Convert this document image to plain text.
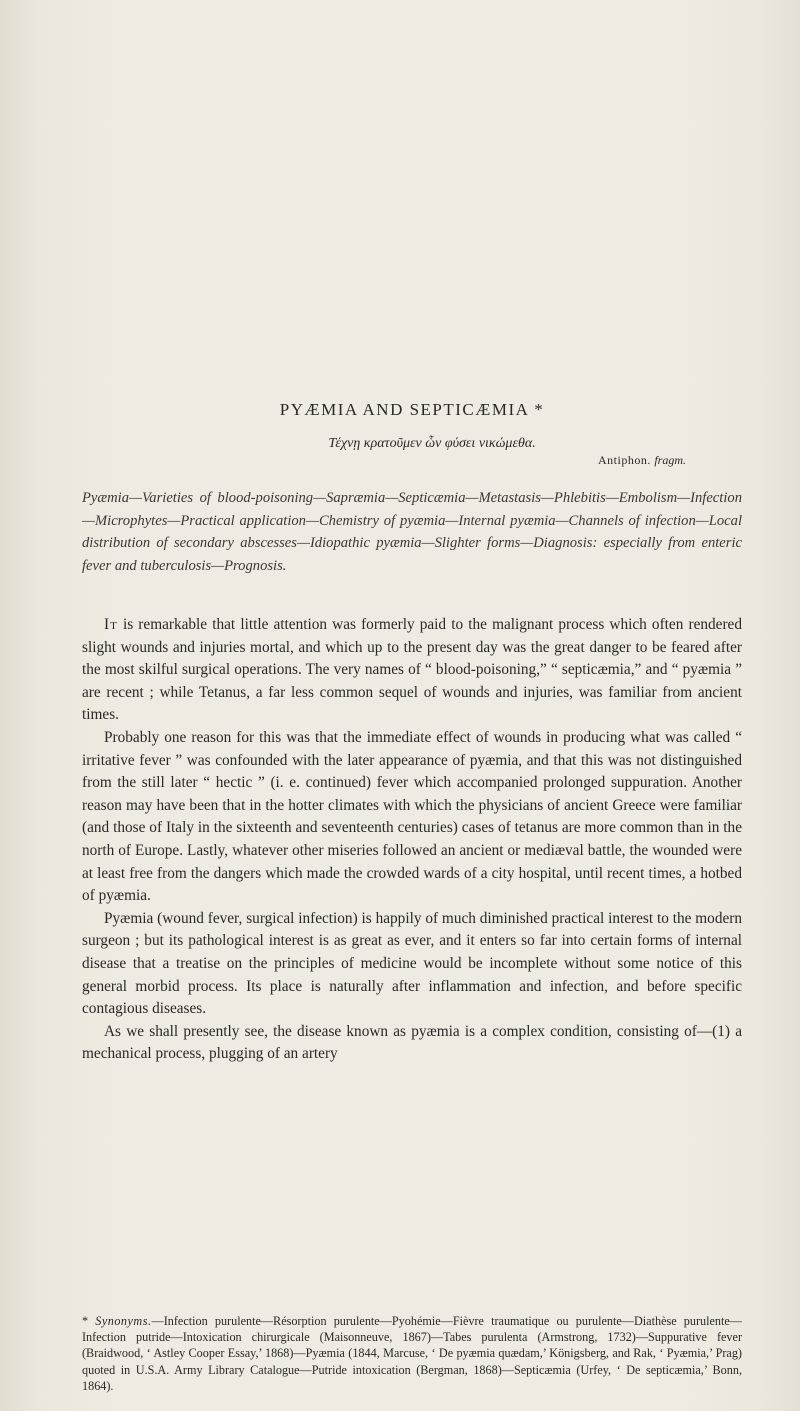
PYÆMIA AND SEPTICÆMIA *
Τέχνῃ κρατοῦμεν ὧν φύσει νικώμεθα.
Antiphon. fragm.

Pyæmia—Varieties of blood-poisoning—Sapræmia—Septicæmia—Metastasis—Phlebitis—Embolism—Infection—Microphytes—Practical application—Chemistry of pyæmia—Internal pyæmia—Channels of infection—Local distribution of secondary abscesses—Idiopathic pyæmia—Slighter forms—Diagnosis: especially from enteric fever and tuberculosis—Prognosis.

It is remarkable that little attention was formerly paid to the malignant process which often rendered slight wounds and injuries mortal, and which up to the present day was the great danger to be feared after the most skilful surgical operations. The very names of “ blood-poisoning,” “ septicæmia,” and “ pyæmia ” are recent ; while Tetanus, a far less common sequel of wounds and injuries, was familiar from ancient times.

Probably one reason for this was that the immediate effect of wounds in producing what was called “ irritative fever ” was confounded with the later appearance of pyæmia, and that this was not distinguished from the still later “ hectic ” (i. e. continued) fever which accompanied prolonged suppuration. Another reason may have been that in the hotter climates with which the physicians of ancient Greece were familiar (and those of Italy in the sixteenth and seventeenth centuries) cases of tetanus are more common than in the north of Europe. Lastly, whatever other miseries followed an ancient or mediæval battle, the wounded were at least free from the dangers which made the crowded wards of a city hospital, until recent times, a hotbed of pyæmia.

Pyæmia (wound fever, surgical infection) is happily of much diminished practical interest to the modern surgeon ; but its pathological interest is as great as ever, and it enters so far into certain forms of internal disease that a treatise on the principles of medicine would be incomplete without some notice of this general morbid process. Its place is naturally after inflammation and infection, and before specific contagious diseases.

As we shall presently see, the disease known as pyæmia is a complex condition, consisting of—(1) a mechanical process, plugging of an artery

* Synonyms.—Infection purulente—Résorption purulente—Pyohémie—Fièvre traumatique ou purulente—Diathèse purulente—Infection putride—Intoxication chirurgicale (Maisonneuve, 1867)—Tabes purulenta (Armstrong, 1732)—Suppurative fever (Braidwood, ‘ Astley Cooper Essay,’ 1868)—Pyæmia (1844, Marcuse, ‘ De pyæmia quædam,’ Königsberg, and Rak, ‘ Pyæmia,’ Prag) quoted in U.S.A. Army Library Catalogue—Putride intoxication (Bergman, 1868)—Septicæmia (Urfey, ‘ De septicæmia,’ Bonn, 1864).
